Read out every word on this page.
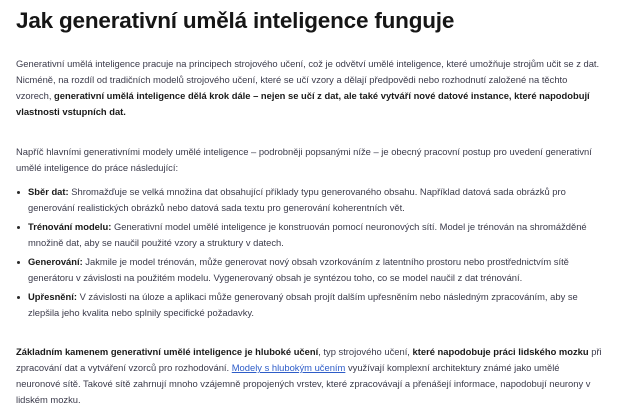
Jak generativní umělá inteligence funguje

Generativní umělá inteligence pracuje na principech strojového učení, což je odvětví umělé inteligence, které umožňuje strojům učit se z dat. Nicméně, na rozdíl od tradičních modelů strojového učení, které se učí vzory a dělají předpovědi nebo rozhodnutí založené na těchto vzorech, generativní umělá inteligence dělá krok dále – nejen se učí z dat, ale také vytváří nové datové instance, které napodobují vlastnosti vstupních dat.

Napříč hlavními generativními modely umělé inteligence – podrobněji popsanými níže – je obecný pracovní postup pro uvedení generativní umělé inteligence do práce následující:

Sběr dat: Shromažďuje se velká množina dat obsahující příklady typu generovaného obsahu. Například datová sada obrázků pro generování realistických obrázků nebo datová sada textu pro generování koherentních vět.
Trénování modelu: Generativní model umělé inteligence je konstruován pomocí neuronových sítí. Model je trénován na shromážděné množině dat, aby se naučil použité vzory a struktury v datech.
Generování: Jakmile je model trénován, může generovat nový obsah vzorkováním z latentního prostoru nebo prostřednictvím sítě generátoru v závislosti na použitém modelu. Vygenerovaný obsah je syntézou toho, co se model naučil z dat trénování.
Upřesnění: V závislosti na úloze a aplikaci může generovaný obsah projít dalším upřesněním nebo následným zpracováním, aby se zlepšila jeho kvalita nebo splnily specifické požadavky.

Základním kamenem generativní umělé inteligence je hluboké učení, typ strojového učení, které napodobuje práci lidského mozku při zpracování dat a vytváření vzorců pro rozhodování. Modely s hlubokým učením využívají komplexní architektury známé jako umělé neuronové sítě. Takové sítě zahrnují mnoho vzájemně propojených vrstev, které zpracovávají a přenášejí informace, napodobují neurony v lidském mozku.
